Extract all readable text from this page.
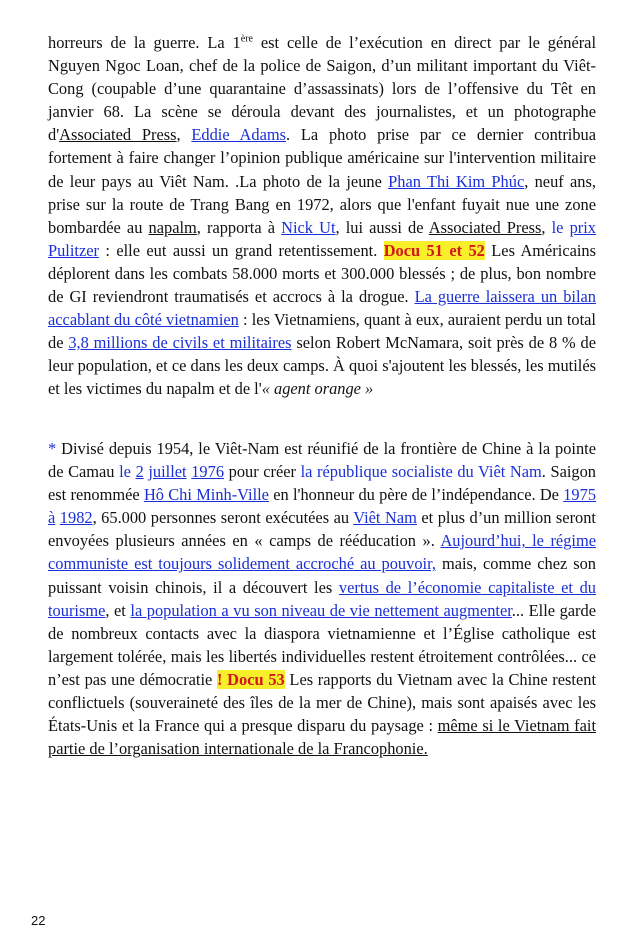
horreurs de la guerre. La 1ère est celle de l’exécution en direct par le général Nguyen Ngoc Loan, chef de la police de Saigon, d’un militant important du Viêt-Cong (coupable d’une quarantaine d’assassinats) lors de l’offensive du Têt en janvier 68. La scène se déroula devant des journalistes, et un photographe d'Associated Press, Eddie Adams. La photo prise par ce dernier contribua fortement à faire changer l’opinion publique américaine sur l'intervention militaire de leur pays au Viêt Nam. .La photo de la jeune Phan Thi Kim Phúc, neuf ans, prise sur la route de Trang Bang en 1972, alors que l'enfant fuyait nue une zone bombardée au napalm, rapporta à Nick Ut, lui aussi de Associated Press, le prix Pulitzer : elle eut aussi un grand retentissement. Docu 51 et 52 Les Américains déplorent dans les combats 58.000 morts et 300.000 blessés ; de plus, bon nombre de GI reviendront traumatisés et accrocs à la drogue. La guerre laissera un bilan accablant du côté vietnamien : les Vietnamiens, quant à eux, auraient perdu un total de 3,8 millions de civils et militaires selon Robert McNamara, soit près de 8 % de leur population, et ce dans les deux camps. À quoi s'ajoutent les blessés, les mutilés et les victimes du napalm et de l'« agent orange »
* Divisé depuis 1954, le Viêt-Nam est réunifié de la frontière de Chine à la pointe de Camau le 2 juillet 1976 pour créer la république socialiste du Viêt Nam. Saigon est renommée Hô Chi Minh-Ville en l'honneur du père de l’indépendance. De 1975 à 1982, 65.000 personnes seront exécutées au Viêt Nam et plus d’un million seront envoyées plusieurs années en « camps de rééducation ». Aujourd’hui, le régime communiste est toujours solidement accroché au pouvoir, mais, comme chez son puissant voisin chinois, il a découvert les vertus de l’économie capitaliste et du tourisme, et la population a vu son niveau de vie nettement augmenter... Elle garde de nombreux contacts avec la diaspora vietnamienne et l’Église catholique est largement tolérée, mais les libertés individuelles restent étroitement contrôlées... ce n’est pas une démocratie ! Docu 53 Les rapports du Vietnam avec la Chine restent conflictuels (souveraineté des îles de la mer de Chine), mais sont apaisés avec les États-Unis et la France qui a presque disparu du paysage : même si le Vietnam fait partie de l’organisation internationale de la Francophonie.
22
